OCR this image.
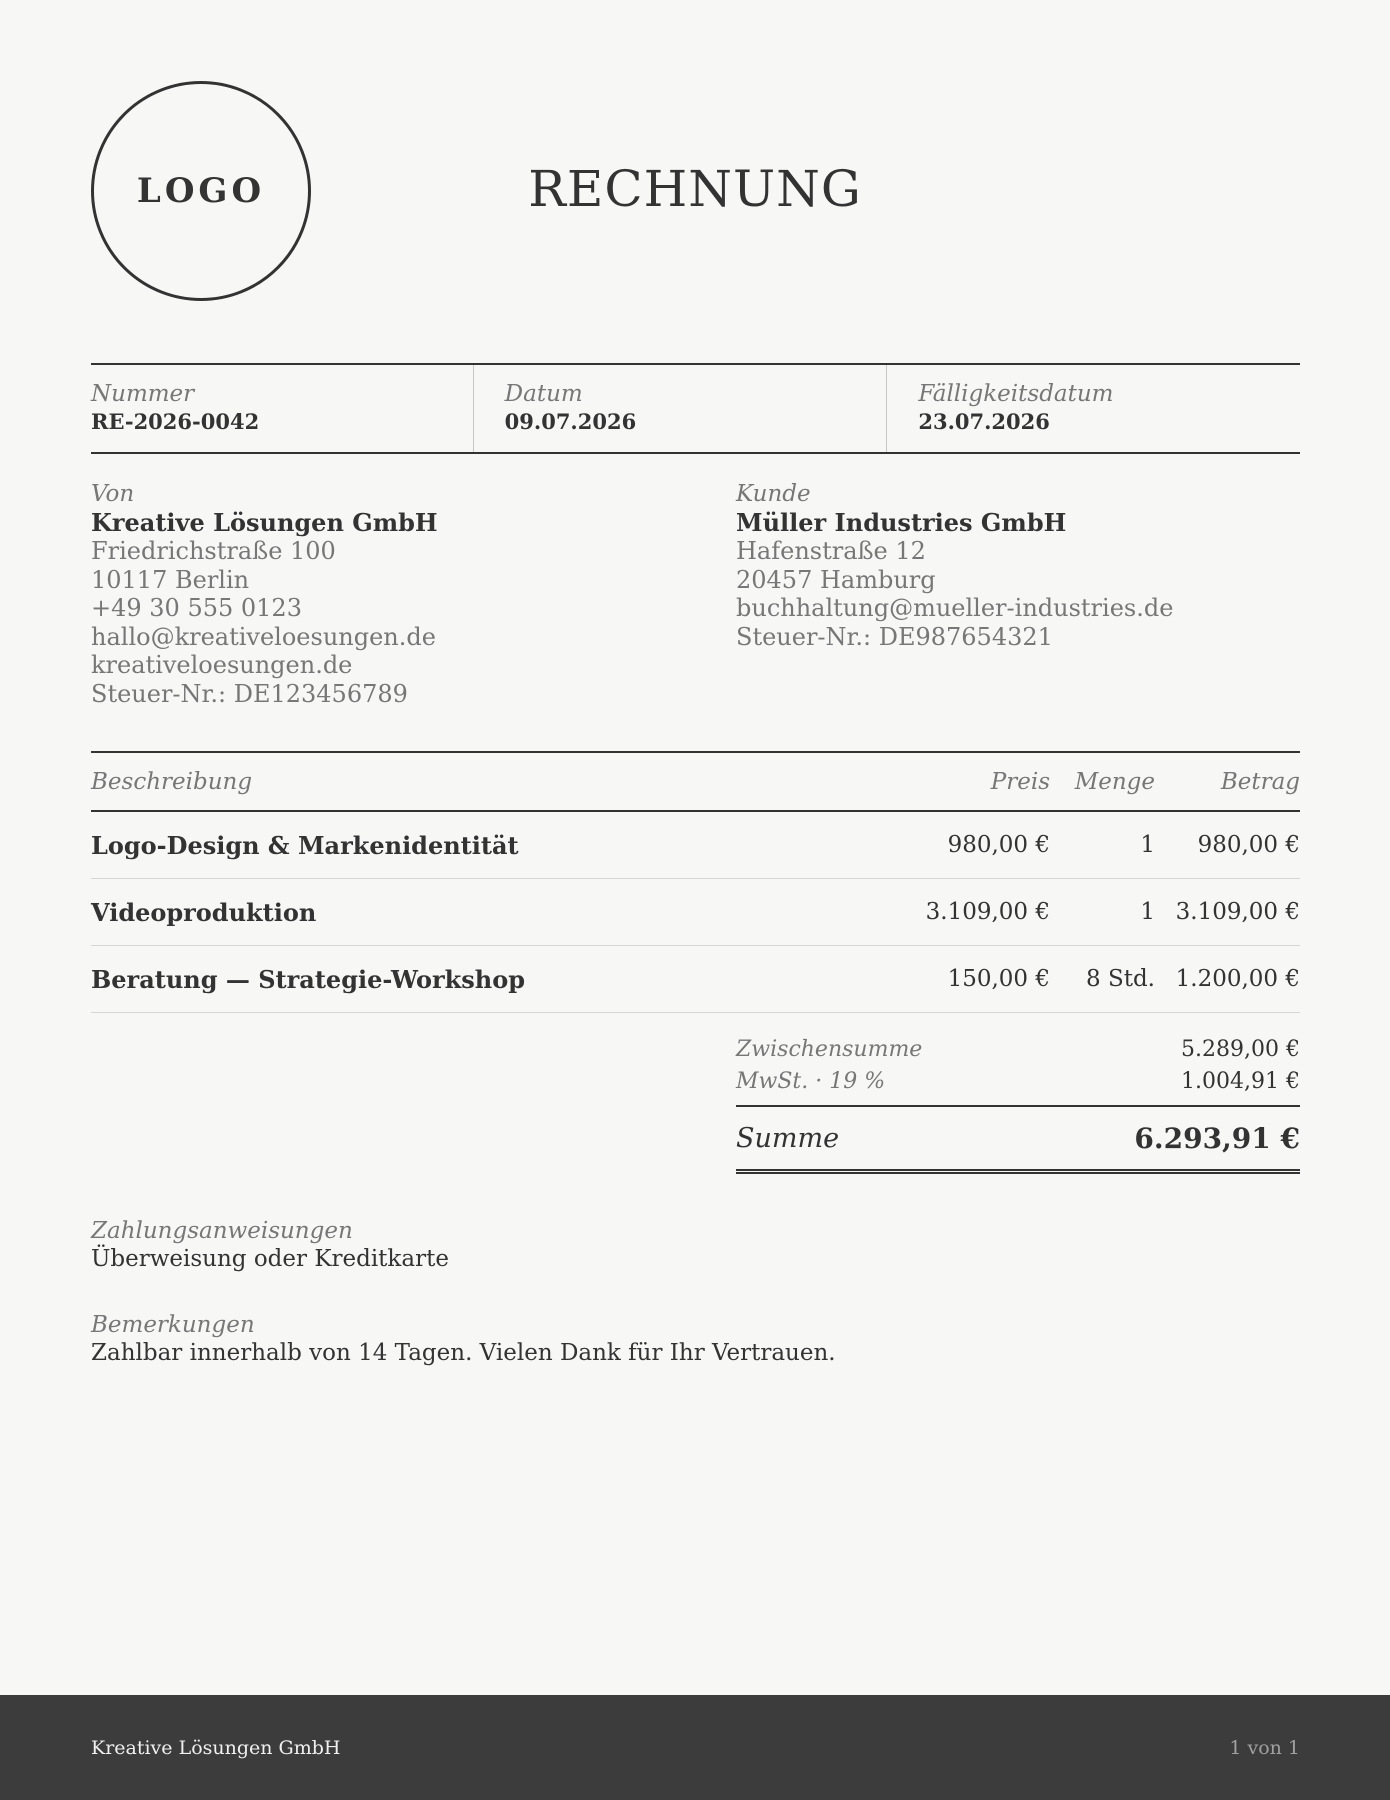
LOGO	RECHNUNG
Nummer
RE-2026-0042
Datum
09.07.2026
Fälligkeitsdatum
23.07.2026
Von
Kreative Lösungen GmbH
Friedrichstraße 100
10117 Berlin
+49 30 555 0123
hallo@kreativeloesungen.de
kreativeloesungen.de
Steuer-Nr.: DE123456789
Kunde
Müller Industries GmbH
Hafenstraße 12
20457 Hamburg
buchhaltung@mueller-industries.de
Steuer-Nr.: DE987654321
Beschreibung	Preis	Menge	Betrag
Logo-Design & Markenidentität	980,00 €	1	980,00 €
Videoproduktion	3.109,00 €	1 3.109,00 €
Beratung — Strategie-Workshop	150,00 €	8 Std. 1.200,00 €
Zwischensumme	5.289,00 €
MwSt. · 19 %	1.004,91 €
Summe	6.293,91 €
Zahlungsanweisungen
Überweisung oder Kreditkarte
Bemerkungen
Zahlbar innerhalb von 14 Tagen. Vielen Dank für Ihr Vertrauen.
Kreative Lösungen GmbH	1 von 1
